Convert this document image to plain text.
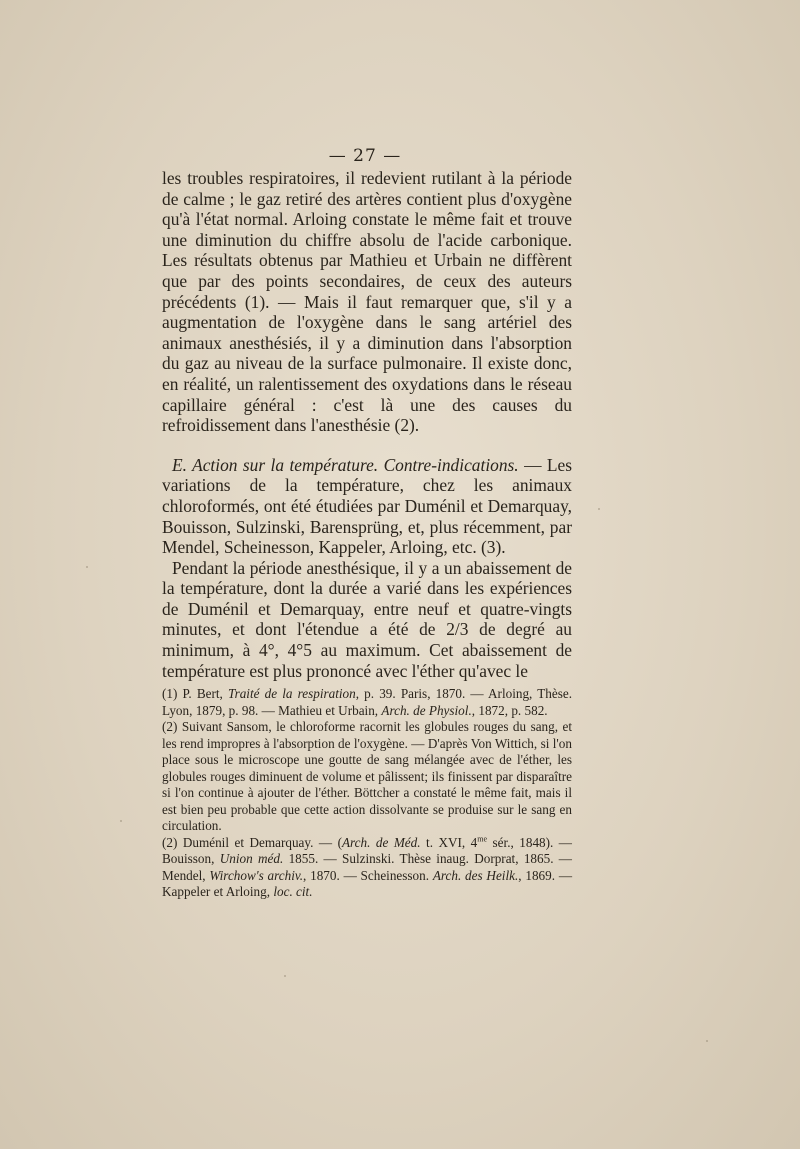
— 27 —

les troubles respiratoires, il redevient rutilant à la période de calme ; le gaz retiré des artères contient plus d'oxygène qu'à l'état normal. Arloing constate le même fait et trouve une diminution du chiffre absolu de l'acide carbonique. Les résultats obtenus par Mathieu et Urbain ne diffèrent que par des points secondaires, de ceux des auteurs précédents (1). — Mais il faut remarquer que, s'il y a augmentation de l'oxygène dans le sang artériel des animaux anesthésiés, il y a diminution dans l'absorption du gaz au niveau de la surface pulmonaire. Il existe donc, en réalité, un ralentissement des oxydations dans le réseau capillaire général : c'est là une des causes du refroidissement dans l'anesthésie (2).

E. Action sur la température. Contre-indications. — Les variations de la température, chez les animaux chloroformés, ont été étudiées par Duménil et Demarquay, Bouisson, Sulzinski, Barensprüng, et, plus récemment, par Mendel, Scheinesson, Kappeler, Arloing, etc. (3).

Pendant la période anesthésique, il y a un abaissement de la température, dont la durée a varié dans les expériences de Duménil et Demarquay, entre neuf et quatre-vingts minutes, et dont l'étendue a été de 2/3 de degré au minimum, à 4°, 4°5 au maximum. Cet abaissement de température est plus prononcé avec l'éther qu'avec le

(1) P. Bert, Traité de la respiration, p. 39. Paris, 1870. — Arloing, Thèse. Lyon, 1879, p. 98. — Mathieu et Urbain, Arch. de Physiol., 1872, p. 582.

(2) Suivant Sansom, le chloroforme racornit les globules rouges du sang, et les rend impropres à l'absorption de l'oxygène. — D'après Von Wittich, si l'on place sous le microscope une goutte de sang mélangée avec de l'éther, les globules rouges diminuent de volume et pâlissent; ils finissent par disparaître si l'on continue à ajouter de l'éther. Böttcher a constaté le même fait, mais il est bien peu probable que cette action dissolvante se produise sur le sang en circulation.

(2) Duménil et Demarquay. — (Arch. de Méd. t. XVI, $4^{me}$ sér., 1848). — Bouisson, Union méd. 1855. — Sulzinski. Thèse inaug. Dorprat, 1865. — Mendel, Wirchow's archiv., 1870. — Scheinesson. Arch. des Heilk., 1869. — Kappeler et Arloing, loc. cit.
